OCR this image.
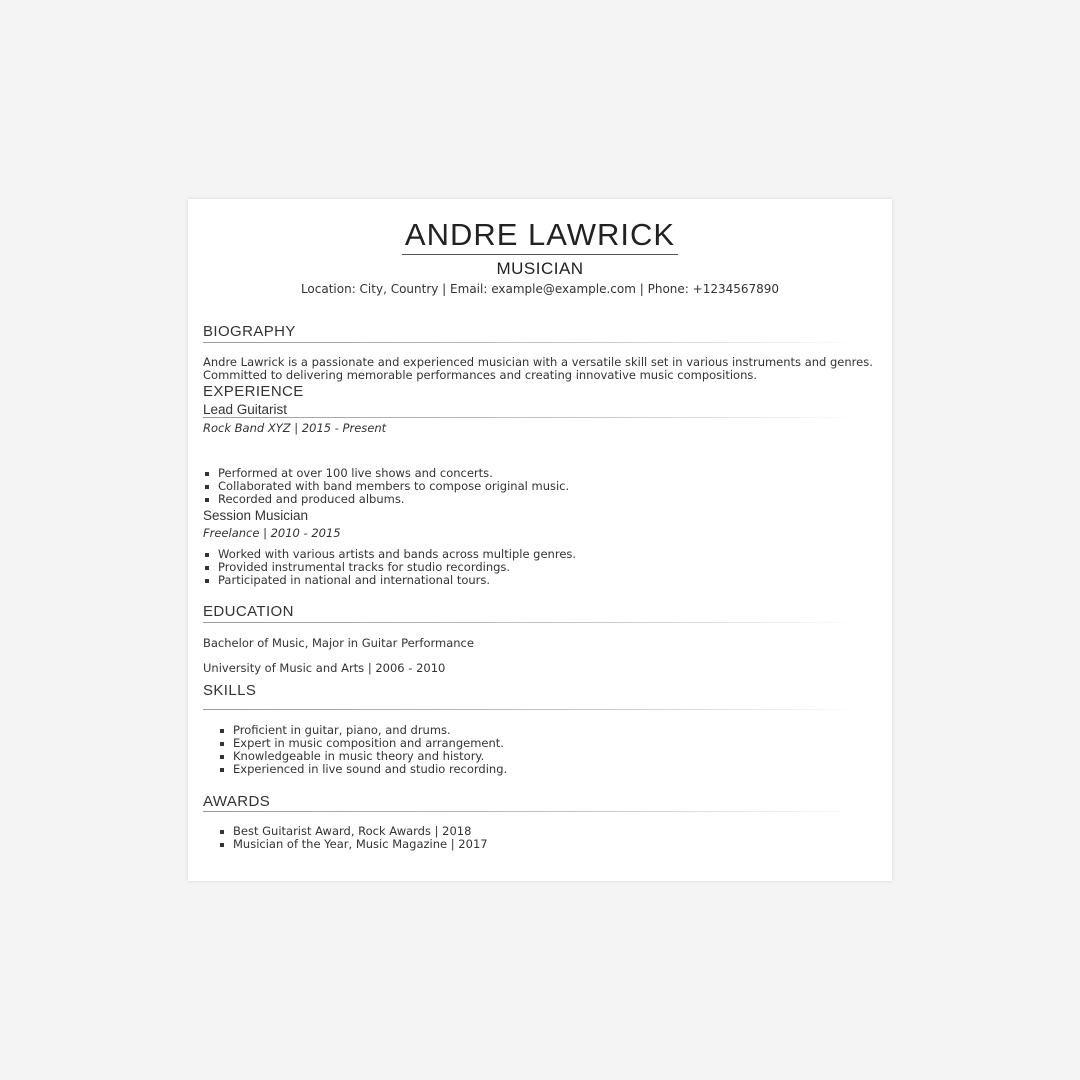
ANDRE LAWRICK
MUSICIAN
Location: City, Country | Email: example@example.com | Phone: +1234567890
BIOGRAPHY
Andre Lawrick is a passionate and experienced musician with a versatile skill set in various instruments and genres.
Committed to delivering memorable performances and creating innovative music compositions.
EXPERIENCE
Lead Guitarist
Rock Band XYZ | 2015 - Present
Performed at over 100 live shows and concerts.
Collaborated with band members to compose original music.
Recorded and produced albums.
Session Musician
Freelance | 2010 - 2015
Worked with various artists and bands across multiple genres.
Provided instrumental tracks for studio recordings.
Participated in national and international tours.
EDUCATION
Bachelor of Music, Major in Guitar Performance
University of Music and Arts | 2006 - 2010
SKILLS
Proficient in guitar, piano, and drums.
Expert in music composition and arrangement.
Knowledgeable in music theory and history.
Experienced in live sound and studio recording.
AWARDS
Best Guitarist Award, Rock Awards | 2018
Musician of the Year, Music Magazine | 2017
